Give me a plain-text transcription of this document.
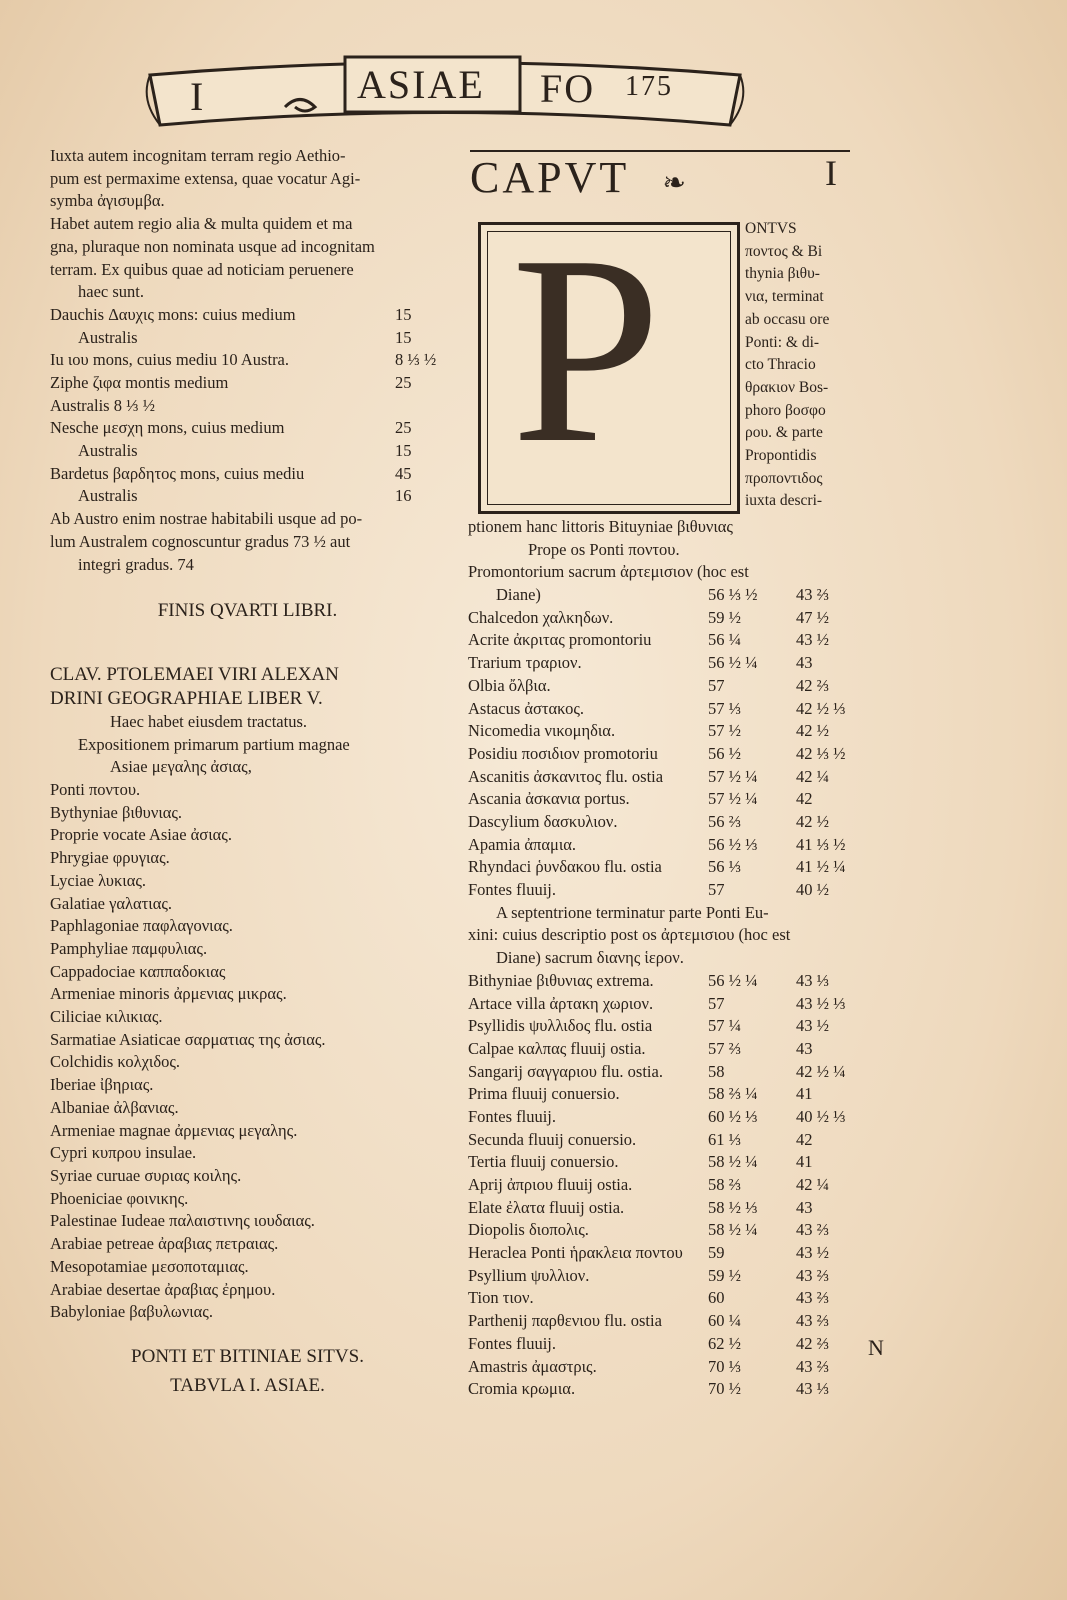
I	ASIAE FO 175
Iuxta autem incognitam terram regio Aethio-
pum est permaxime extensa, quae vocatur Agi-
symba ἀγισυμβα.
Habet autem regio alia & multa quidem et ma
gna, pluraque non nominata usque ad incognitam
terram. Ex quibus quae ad noticiam peruenere
haec sunt.
Dauchis Δαυχις mons: cuius medium	15
Australis	15
Iu ιου mons, cuius mediu 10 Austra.	8 ⅓ ½
Ziphe ζιφα montis medium	25
Australis 8 ⅓ ½
Nesche μεσχη mons, cuius medium	25
Australis	15
Bardetus βαρδητος mons, cuius mediu	45
Australis	16
Ab Austro enim nostrae habitabili usque ad po-
lum Australem cognoscuntur gradus 73 ½ aut
integri gradus. 74
FINIS QVARTI LIBRI.
CLAV. PTOLEMAEI VIRI ALEXAN
DRINI GEOGRAPHIAE LIBER V.
Haec habet eiusdem tractatus.
Expositionem primarum partium magnae
Asiae μεγαλης ἀσιας,
Ponti ποντου.
Bythyniae βιθυνιας.
Proprie vocate Asiae ἀσιας.
Phrygiae φρυγιας.
Lyciae λυκιας.
Galatiae γαλατιας.
Paphlagoniae παφλαγονιας.
Pamphyliae παμφυλιας.
Cappadociae καππαδοκιας
Armeniae minoris ἀρμενιας μικρας.
Ciliciae κιλικιας.
Sarmatiae Asiaticae σαρματιας της ἀσιας.
Colchidis κολχιδος.
Iberiae ἰβηριας.
Albaniae ἀλβανιας.
Armeniae magnae ἀρμενιας μεγαλης.
Cypri κυπρου insulae.
Syriae curuae συριας κοιλης.
Phoeniciae φοινικης.
Palestinae Iudeae παλαιστινης ιουδαιας.
Arabiae petreae ἀραβιας πετραιας.
Mesopotamiae μεσοποταμιας.
Arabiae desertae ἀραβιας ἐρημου.
Babyloniae βαβυλωνιας.
PONTI ET BITINIAE SITVS.
TABVLA I. ASIAE.
CAPVT ❧	I
P	ONTVS
ποντος & Bi
thynia βιθυ-
νια, terminat
ab occasu ore
Ponti: & di-
cto Thracio
θρακιον Bos-
phoro βοσφο
ρου. & parte
Propontidis
προποντιδος
iuxta descri-
ptionem hanc littoris Bituyniae βιθυνιας
Prope os Ponti ποντου.
Promontorium sacrum ἀρτεμισιον (hoc est
Diane)	56 ⅓ ½	43 ⅔
Chalcedon χαλκηδων.	59 ½	47 ½
Acrite ἀκριτας promontoriu	56 ¼	43 ½
Trarium τραριον.	56 ½ ¼	43
Olbia ὄλβια.	57	42 ⅔
Astacus ἀστακος.	57 ⅓	42 ½ ⅓
Nicomedia νικομηδια.	57 ½	42 ½
Posidiu ποσιδιον promotoriu	56 ½	42 ⅓ ½
Ascanitis ἀσκανιτος flu. ostia	57 ½ ¼	42 ¼
Ascania ἀσκανια portus.	57 ½ ¼	42
Dascylium δασκυλιον.	56 ⅔	42 ½
Apamia ἀπαμια.	56 ½ ⅓	41 ⅓ ½
Rhyndaci ῥυνδακου flu. ostia	56 ⅓	41 ½ ¼
Fontes fluuij.	57	40 ½
A septentrione terminatur parte Ponti Eu-
xini: cuius descriptio post os ἀρτεμισιου (hoc est
Diane) sacrum διανης ἱερον.
Bithyniae βιθυνιας extrema.	56 ½ ¼	43 ⅓
Artace villa ἀρτακη χωριον.	57	43 ½ ⅓
Psyllidis ψυλλιδος flu. ostia	57 ¼	43 ½
Calpae καλπας fluuij ostia.	57 ⅔	43
Sangarij σαγγαριου flu. ostia.	58	42 ½ ¼
Prima fluuij conuersio.	58 ⅔ ¼	41
Fontes fluuij.	60 ½ ⅓	40 ½ ⅓
Secunda fluuij conuersio.	61 ⅓	42
Tertia fluuij conuersio.	58 ½ ¼	41
Aprij ἀπριου fluuij ostia.	58 ⅔	42 ¼
Elate ἐλατα fluuij ostia.	58 ½ ⅓	43
Diopolis διοπολις.	58 ½ ¼	43 ⅔
Heraclea Ponti ἡρακλεια ποντου 59	43 ½
Psyllium ψυλλιον.	59 ½	43 ⅔
Tion τιον.	60	43 ⅔
Parthenij παρθενιου flu. ostia	60 ¼	43 ⅔
Fontes fluuij.	62 ½	42 ⅔
Amastris ἀμαστρις.	70 ⅓	43 ⅔
Cromia κρωμια.	70 ½	43 ⅓
N
